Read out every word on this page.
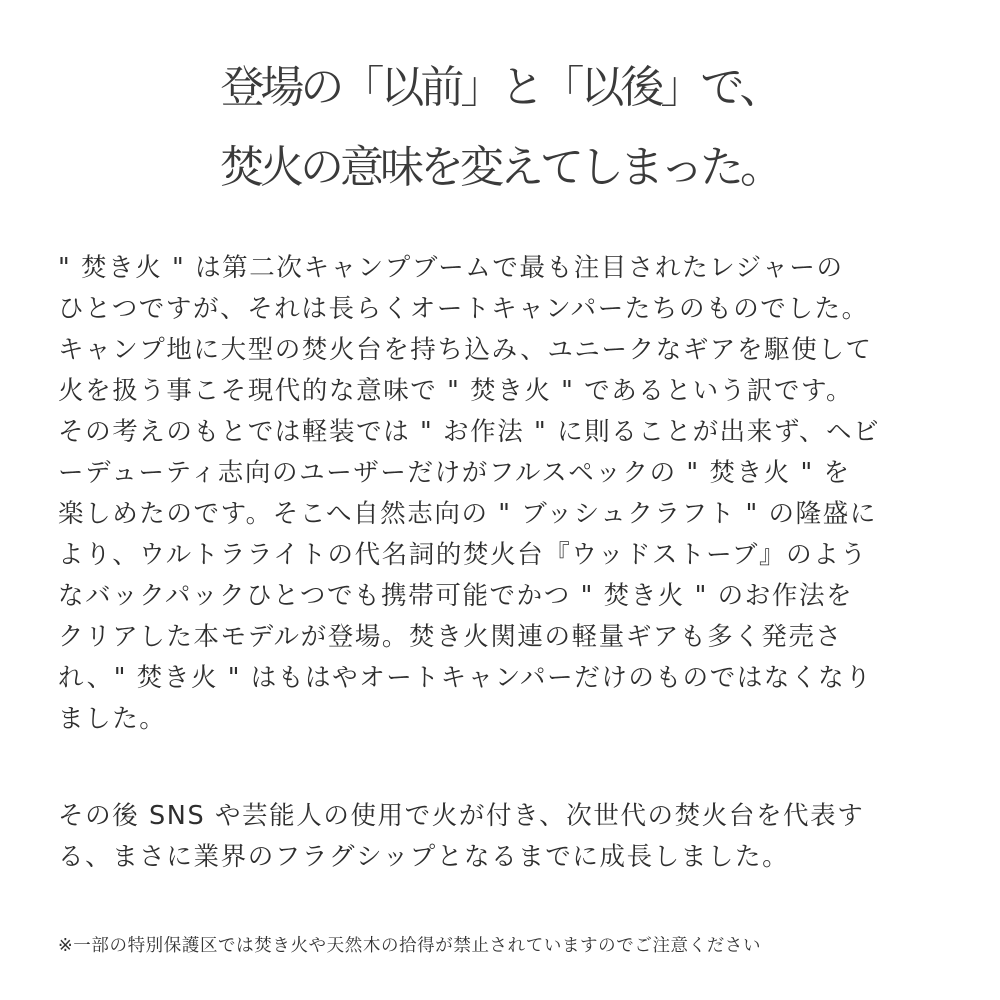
登場の「以前」と「以後」で、
焚火の意味を変えてしまった。
" 焚き火 " は第二次キャンプブームで最も注目されたレジャーの
ひとつですが、それは長らくオートキャンパーたちのものでした。
キャンプ地に大型の焚火台を持ち込み、ユニークなギアを駆使して
火を扱う事こそ現代的な意味で " 焚き火 " であるという訳です。
その考えのもとでは軽装では " お作法 " に則ることが出来ず、ヘビ
ーデューティ志向のユーザーだけがフルスペックの " 焚き火 " を
楽しめたのです。そこへ自然志向の " ブッシュクラフト " の隆盛に
より、ウルトラライトの代名詞的焚火台『ウッドストーブ』のよう
なバックパックひとつでも携帯可能でかつ " 焚き火 " のお作法を
クリアした本モデルが登場。焚き火関連の軽量ギアも多く発売さ
れ、" 焚き火 " はもはやオートキャンパーだけのものではなくなり
ました。
その後 SNS や芸能人の使用で火が付き、次世代の焚火台を代表す
る、まさに業界のフラグシップとなるまでに成長しました。
※一部の特別保護区では焚き火や天然木の拾得が禁止されていますのでご注意ください
